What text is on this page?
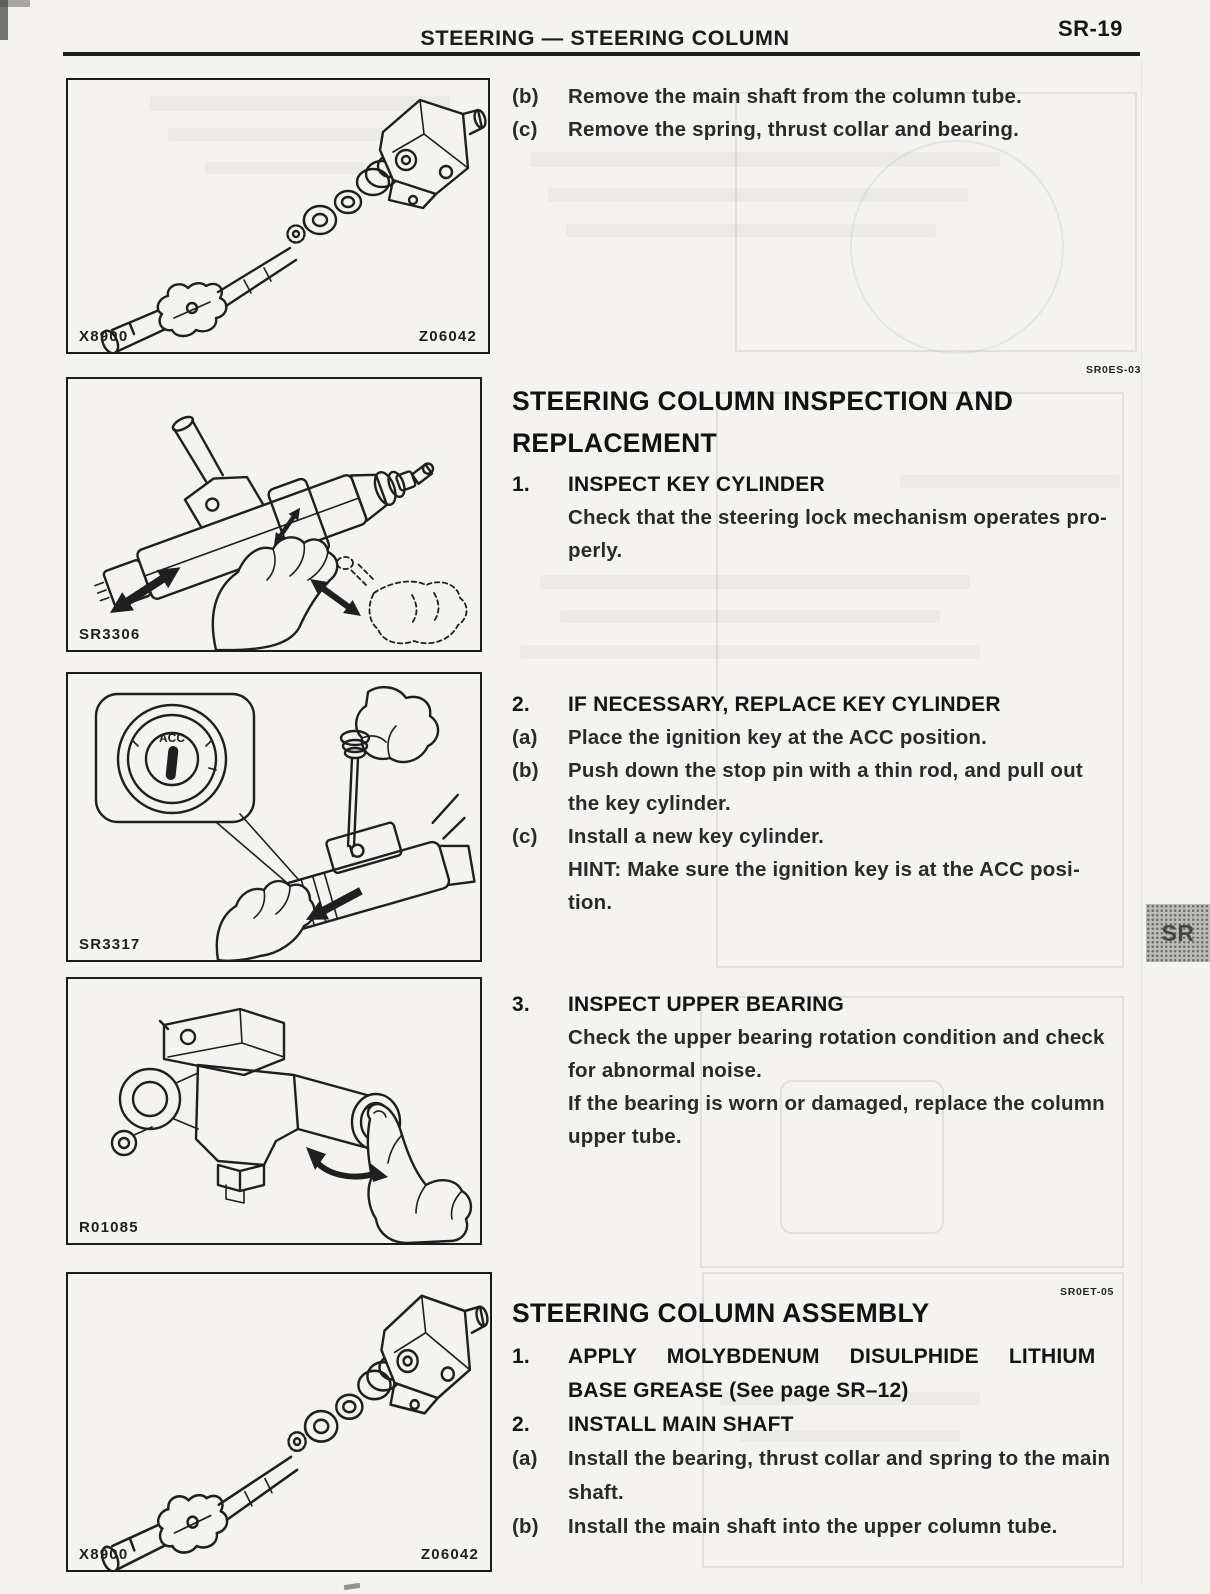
STEERING — STEERING COLUMN	SR-19
X8900	Z06042
SR3306
ACC
SR3317
R01085
X8900	Z06042
(b)	Remove the main shaft from the column tube.
(c)	Remove the spring, thrust collar and bearing.
SR0ES-03
STEERING COLUMN INSPECTION AND
REPLACEMENT
1.	INSPECT KEY CYLINDER
Check that the steering lock mechanism operates pro-
perly.
2.	IF NECESSARY, REPLACE KEY CYLINDER
(a)	Place the ignition key at the ACC position.
(b)	Push down the stop pin with a thin rod, and pull out
the key cylinder.
(c)	Install a new key cylinder.
HINT: Make sure the ignition key is at the ACC posi-
tion.
3.	INSPECT UPPER BEARING
Check the upper bearing rotation condition and check
for abnormal noise.
If the bearing is worn or damaged, replace the column
upper tube.
SR
SR0ET-05
STEERING COLUMN ASSEMBLY
1.	APPLY MOLYBDENUM DISULPHIDE LITHIUM
BASE GREASE (See page SR–12)
2.	INSTALL MAIN SHAFT
(a)	Install the bearing, thrust collar and spring to the main
shaft.
(b)	Install the main shaft into the upper column tube.
